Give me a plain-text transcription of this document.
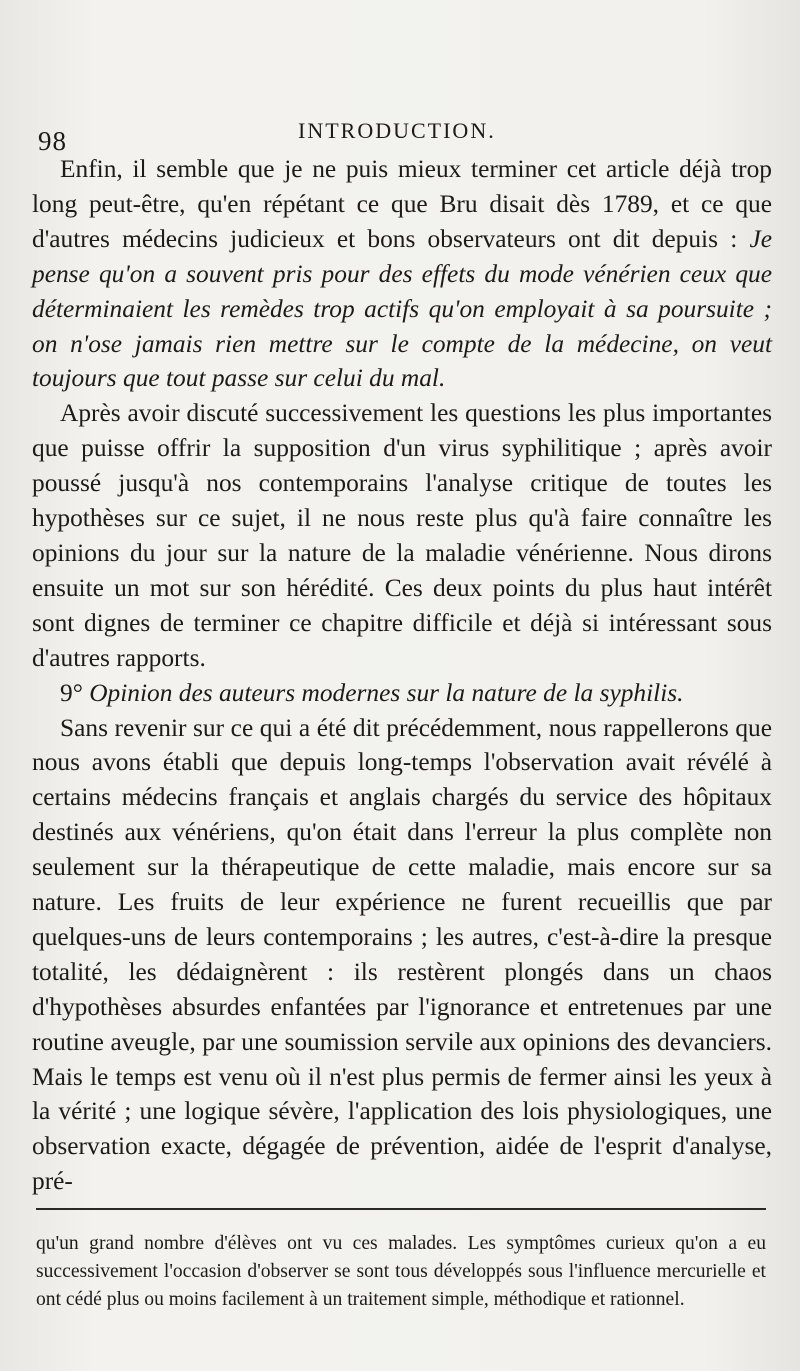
98	INTRODUCTION.

Enfin, il semble que je ne puis mieux terminer cet article déjà trop long peut-être, qu'en répétant ce que Bru disait dès 1789, et ce que d'autres médecins judicieux et bons observateurs ont dit depuis : Je pense qu'on a souvent pris pour des effets du mode vénérien ceux que déterminaient les remèdes trop actifs qu'on employait à sa poursuite ; on n'ose jamais rien mettre sur le compte de la médecine, on veut toujours que tout passe sur celui du mal.

Après avoir discuté successivement les questions les plus importantes que puisse offrir la supposition d'un virus syphilitique ; après avoir poussé jusqu'à nos contemporains l'analyse critique de toutes les hypothèses sur ce sujet, il ne nous reste plus qu'à faire connaître les opinions du jour sur la nature de la maladie vénérienne. Nous dirons ensuite un mot sur son hérédité. Ces deux points du plus haut intérêt sont dignes de terminer ce chapitre difficile et déjà si intéressant sous d'autres rapports.

9° Opinion des auteurs modernes sur la nature de la syphilis.

Sans revenir sur ce qui a été dit précédemment, nous rappellerons que nous avons établi que depuis long-temps l'observation avait révélé à certains médecins français et anglais chargés du service des hôpitaux destinés aux vénériens, qu'on était dans l'erreur la plus complète non seulement sur la thérapeutique de cette maladie, mais encore sur sa nature. Les fruits de leur expérience ne furent recueillis que par quelques-uns de leurs contemporains ; les autres, c'est-à-dire la presque totalité, les dédaignèrent : ils restèrent plongés dans un chaos d'hypothèses absurdes enfantées par l'ignorance et entretenues par une routine aveugle, par une soumission servile aux opinions des devanciers. Mais le temps est venu où il n'est plus permis de fermer ainsi les yeux à la vérité ; une logique sévère, l'application des lois physiologiques, une observation exacte, dégagée de prévention, aidée de l'esprit d'analyse, pré-

qu'un grand nombre d'élèves ont vu ces malades. Les symptômes curieux qu'on a eu successivement l'occasion d'observer se sont tous développés sous l'influence mercurielle et ont cédé plus ou moins facilement à un traitement simple, méthodique et rationnel.
